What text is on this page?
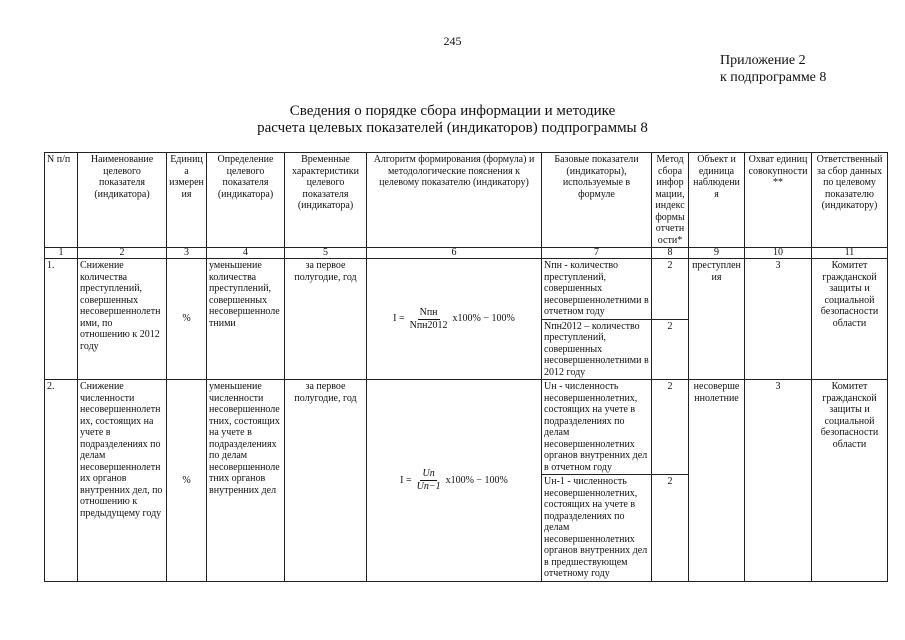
245
Приложение 2
к подпрограмме 8
Сведения о порядке сбора информации и методике
расчета целевых показателей (индикаторов) подпрограммы 8
N п/п	Наименование целевого показателя (индикатора)	Единица измерения	Определение целевого показателя (индикатора)	Временные характеристики целевого показателя (индикатора)	Алгоритм формирования (формула) и методологические пояснения к целевому показателю (индикатору)	Базовые показатели (индикаторы), используемые в формуле	Метод сбора информации, индекс формы отчетности*	Объект и единица наблюдения	Охват единиц совокупности**	Ответственный за сбор данных по целевому показателю (индикатору)
1	2	3	4	5	6	7	8	9	10	11
1.	Снижение количества преступлений, совершенных несовершеннолетними, по отношению к 2012 году	%	уменьшение количества преступлений, совершенных несовершеннолетними	за первое полугодие, год	$I = \frac{\text{Nпн}}{\text{Nпн2012}} x100\% - 100\%$	Nпн - количество преступлений, совершенных несовершеннолетними в отчетном году	2	преступления	3	Комитет гражданской защиты и социальной безопасности области
						Nпн2012 – количество преступлений, совершенных несовершеннолетними в 2012 году	2			
2.	Снижение численности несовершеннолетних, состоящих на учете в подразделениях по делам несовершеннолетних органов внутренних дел, по отношению к предыдущему году	%	уменьшение численности несовершеннолетних, состоящих на учете в подразделениях по делам несовершеннолетних органов внутренних дел	за первое полугодие, год	$I = \frac{Un}{Un-1} x100\% - 100\%$	Uн - численность несовершеннолетних, состоящих на учете в подразделениях по делам несовершеннолетних органов внутренних дел в отчетном году	2	несовершеннолетние	3	Комитет гражданской защиты и социальной безопасности области
						Uн-1 - численность несовершеннолетних, состоящих на учете в подразделениях по делам несовершеннолетних органов внутренних дел в предшествующем отчетному году	2			
